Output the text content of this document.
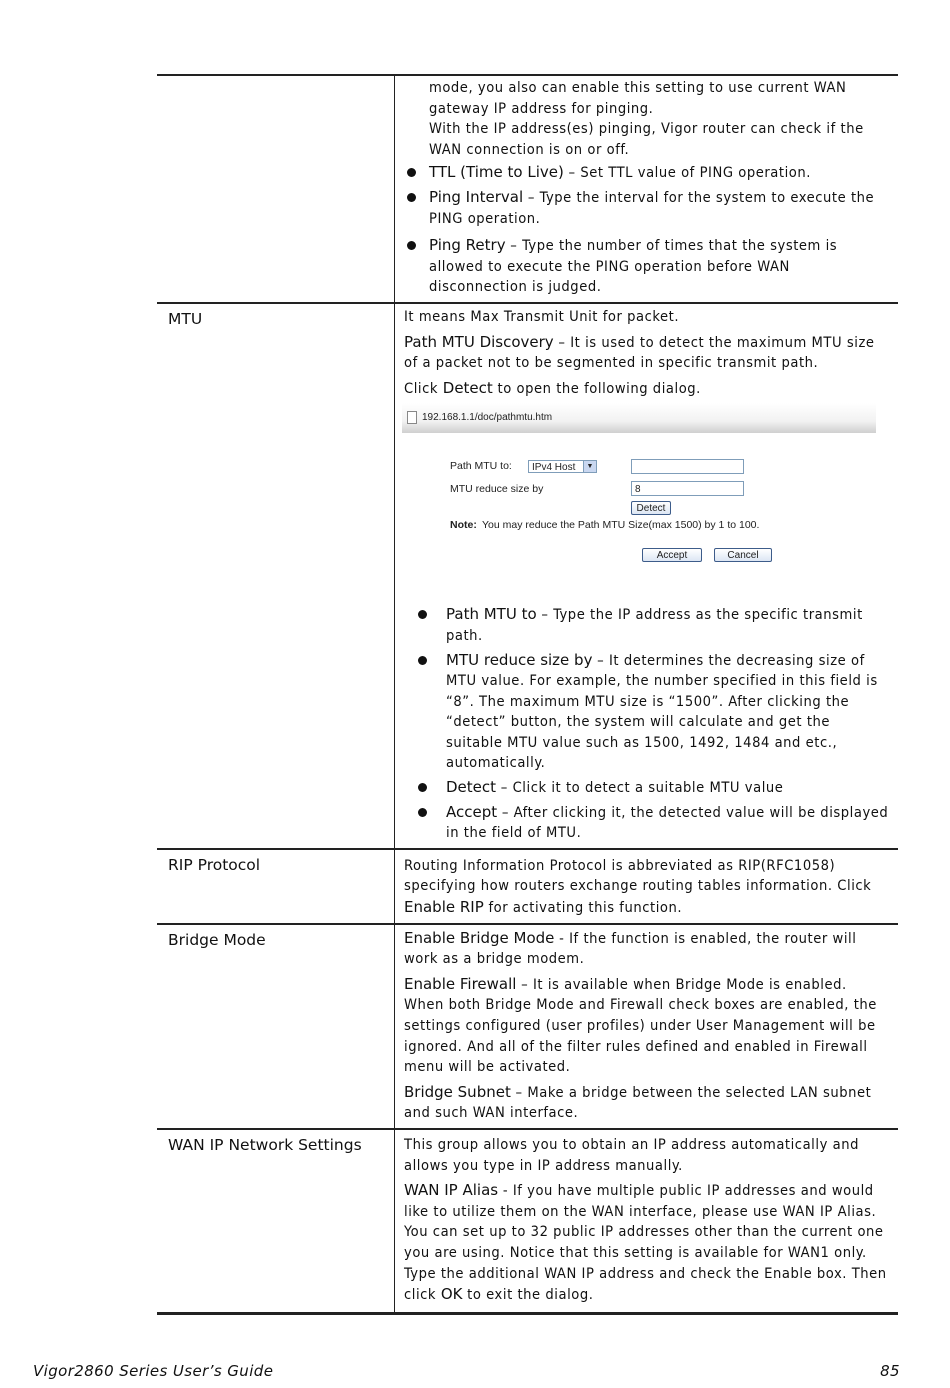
mode, you also can enable this setting to use current WAN gateway IP address for pinging.

With the IP address(es) pinging, Vigor router can check if the WAN connection is on or off.

TTL (Time to Live) – Set TTL value of PING operation.
Ping Interval – Type the interval for the system to execute the PING operation.
Ping Retry – Type the number of times that the system is allowed to execute the PING operation before WAN disconnection is judged.
MTU	It means Max Transmit Unit for packet.

Path MTU Discovery – It is used to detect the maximum MTU size of a packet not to be segmented in specific transmit path.

Click Detect to open the following dialog.

192.168.1.1/doc/pathmtu.htm
Path MTU to:	IPv4 Host	▼
MTU reduce size by	8
Detect
Note: You may reduce the Path MTU Size(max 1500) by 1 to 100.
Accept	Cancel
Path MTU to – Type the IP address as the specific transmit path.
MTU reduce size by – It determines the decreasing size of MTU value. For example, the number specified in this field is “8”. The maximum MTU size is “1500”. After clicking the “detect” button, the system will calculate and get the suitable MTU value such as 1500, 1492, 1484 and etc., automatically.
Detect – Click it to detect a suitable MTU value
Accept – After clicking it, the detected value will be displayed in the field of MTU.
RIP Protocol	Routing Information Protocol is abbreviated as RIP(RFC1058) specifying how routers exchange routing tables information. Click Enable RIP for activating this function.

Bridge Mode	Enable Bridge Mode - If the function is enabled, the router will work as a bridge modem.

Enable Firewall – It is available when Bridge Mode is enabled. When both Bridge Mode and Firewall check boxes are enabled, the settings configured (user profiles) under User Management will be ignored. And all of the filter rules defined and enabled in Firewall menu will be activated.

Bridge Subnet – Make a bridge between the selected LAN subnet and such WAN interface.

WAN IP Network Settings	This group allows you to obtain an IP address automatically and allows you type in IP address manually.

WAN IP Alias - If you have multiple public IP addresses and would like to utilize them on the WAN interface, please use WAN IP Alias. You can set up to 32 public IP addresses other than the current one you are using. Notice that this setting is available for WAN1 only. Type the additional WAN IP address and check the Enable box. Then click OK to exit the dialog.

Vigor2860 Series User’s Guide	85
